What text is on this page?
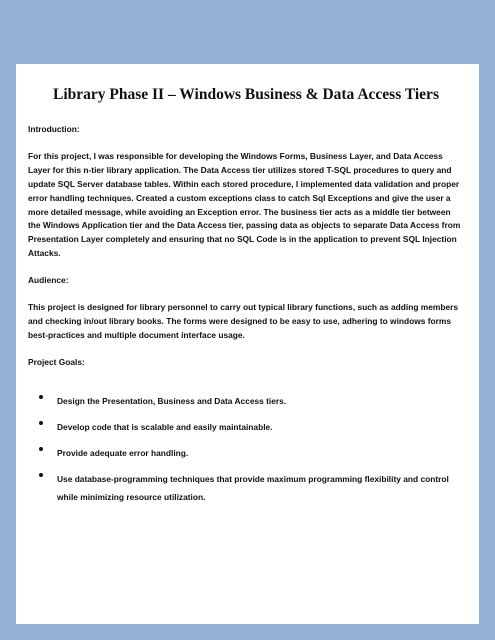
Library Phase II – Windows Business & Data Access Tiers
Introduction:
For this project, I was responsible for developing the Windows Forms, Business Layer, and Data Access Layer for this n-tier library application. The Data Access tier utilizes stored T-SQL procedures to query and update SQL Server database tables. Within each stored procedure, I implemented data validation and proper error handling techniques. Created a custom exceptions class to catch Sql Exceptions and give the user a more detailed message, while avoiding an Exception error. The business tier acts as a middle tier between the Windows Application tier and the Data Access tier, passing data as objects to separate Data Access from Presentation Layer completely and ensuring that no SQL Code is in the application to prevent SQL Injection Attacks.
Audience:
This project is designed for library personnel to carry out typical library functions, such as adding members and checking in/out library books. The forms were designed to be easy to use, adhering to windows forms best-practices and multiple document interface usage.
Project Goals:
Design the Presentation, Business and Data Access tiers.
Develop code that is scalable and easily maintainable.
Provide adequate error handling.
Use database-programming techniques that provide maximum programming flexibility and control while minimizing resource utilization.
